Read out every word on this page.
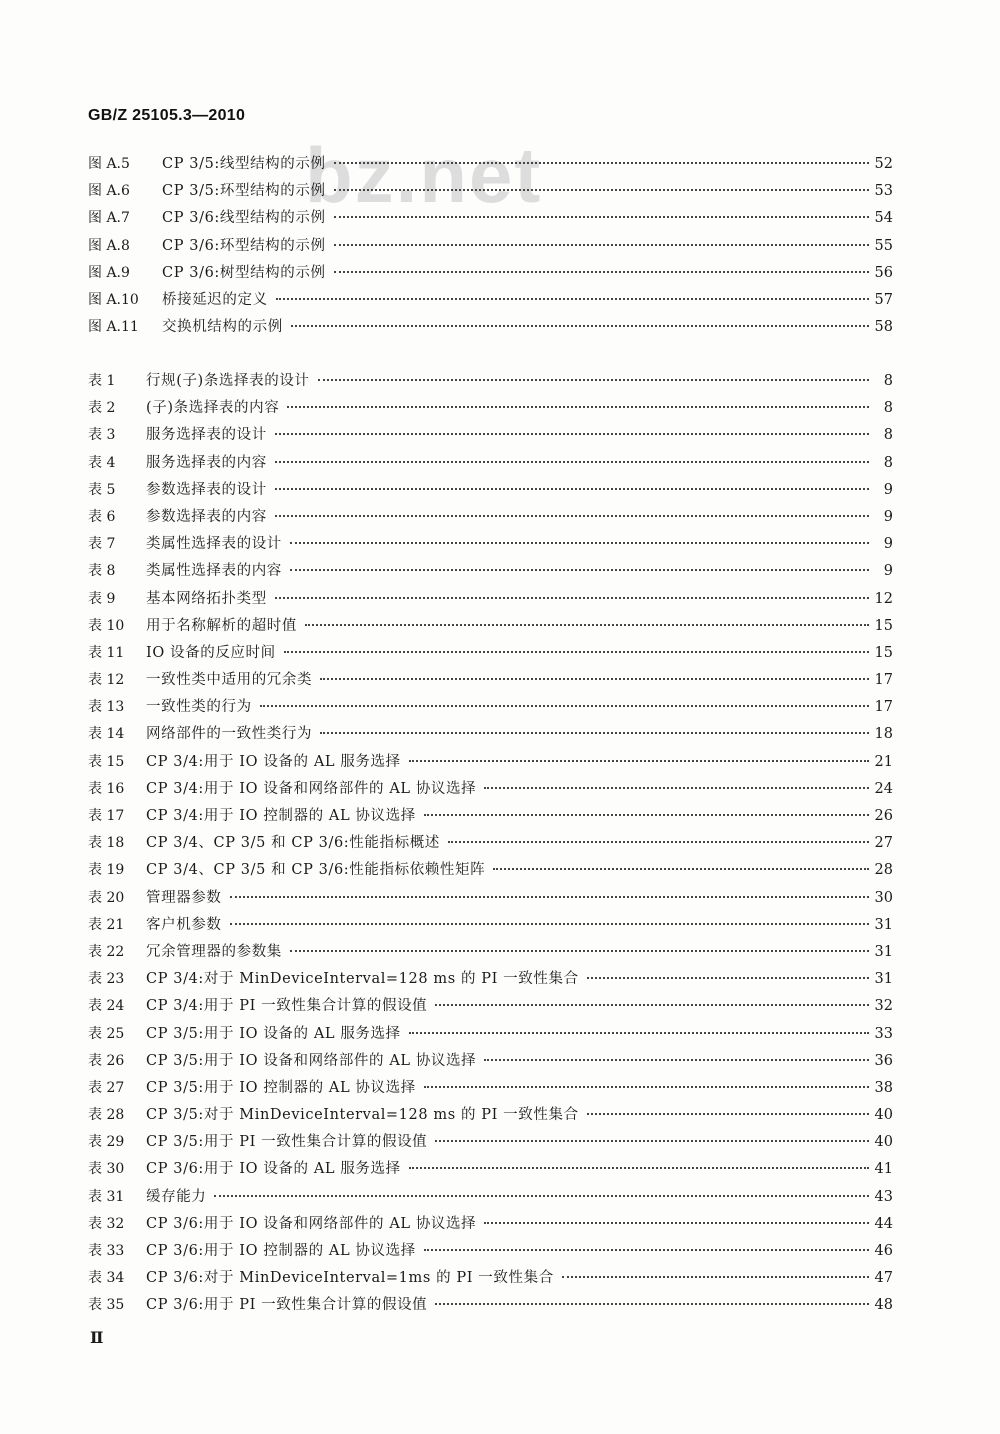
GB/Z 25105.3—2010
bz.net
图 A.5	CP 3/5:线型结构的示例	52
图 A.6	CP 3/5:环型结构的示例	53
图 A.7	CP 3/6:线型结构的示例	54
图 A.8	CP 3/6:环型结构的示例	55
图 A.9	CP 3/6:树型结构的示例	56
图 A.10	桥接延迟的定义	57
图 A.11	交换机结构的示例	58
表 1	行规(子)条选择表的设计	8
表 2	(子)条选择表的内容	8
表 3	服务选择表的设计	8
表 4	服务选择表的内容	8
表 5	参数选择表的设计	9
表 6	参数选择表的内容	9
表 7	类属性选择表的设计	9
表 8	类属性选择表的内容	9
表 9	基本网络拓扑类型	12
表 10	用于名称解析的超时值	15
表 11	IO 设备的反应时间	15
表 12	一致性类中适用的冗余类	17
表 13	一致性类的行为	17
表 14	网络部件的一致性类行为	18
表 15	CP 3/4:用于 IO 设备的 AL 服务选择	21
表 16	CP 3/4:用于 IO 设备和网络部件的 AL 协议选择	24
表 17	CP 3/4:用于 IO 控制器的 AL 协议选择	26
表 18	CP 3/4、CP 3/5 和 CP 3/6:性能指标概述	27
表 19	CP 3/4、CP 3/5 和 CP 3/6:性能指标依赖性矩阵	28
表 20	管理器参数	30
表 21	客户机参数	31
表 22	冗余管理器的参数集	31
表 23	CP 3/4:对于 MinDeviceInterval=128 ms 的 PI 一致性集合	31
表 24	CP 3/4:用于 PI 一致性集合计算的假设值	32
表 25	CP 3/5:用于 IO 设备的 AL 服务选择	33
表 26	CP 3/5:用于 IO 设备和网络部件的 AL 协议选择	36
表 27	CP 3/5:用于 IO 控制器的 AL 协议选择	38
表 28	CP 3/5:对于 MinDeviceInterval=128 ms 的 PI 一致性集合	40
表 29	CP 3/5:用于 PI 一致性集合计算的假设值	40
表 30	CP 3/6:用于 IO 设备的 AL 服务选择	41
表 31	缓存能力	43
表 32	CP 3/6:用于 IO 设备和网络部件的 AL 协议选择	44
表 33	CP 3/6:用于 IO 控制器的 AL 协议选择	46
表 34	CP 3/6:对于 MinDeviceInterval=1ms 的 PI 一致性集合	47
表 35	CP 3/6:用于 PI 一致性集合计算的假设值	48
Ⅱ
